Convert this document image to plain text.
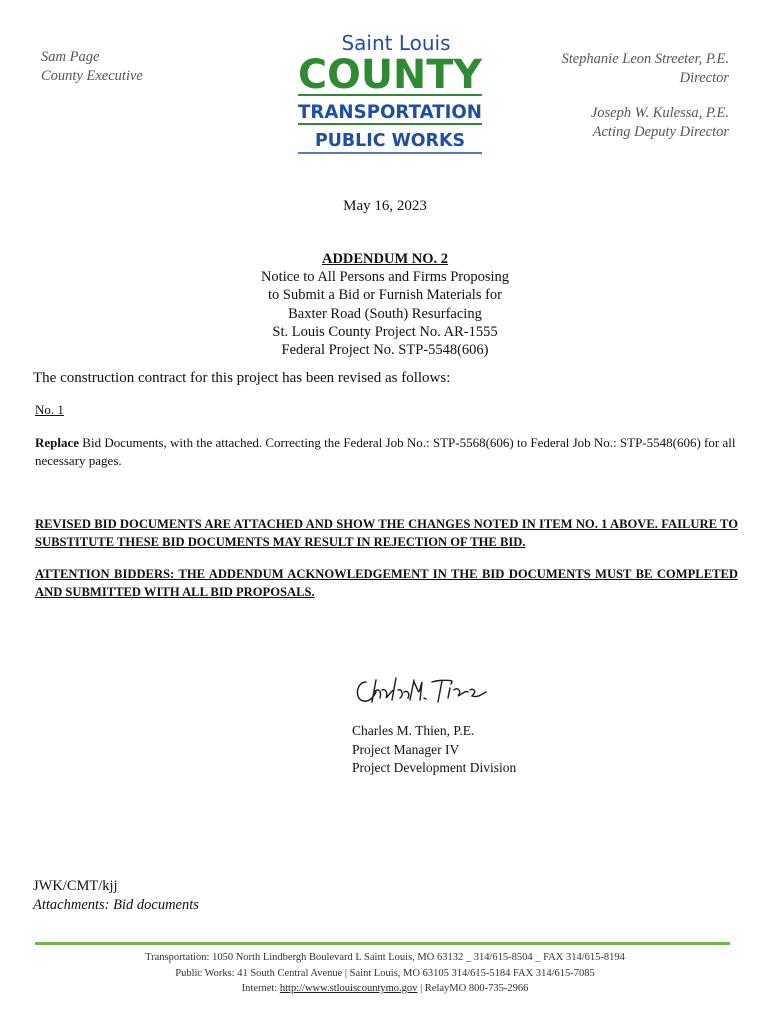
Sam Page
County Executive
Saint Louis
COUNTY
TRANSPORTATION
PUBLIC WORKS
Stephanie Leon Streeter, P.E.
Director
Joseph W. Kulessa, P.E.
Acting Deputy Director
May 16, 2023
ADDENDUM NO. 2
Notice to All Persons and Firms Proposing
to Submit a Bid or Furnish Materials for
Baxter Road (South) Resurfacing
St. Louis County Project No. AR-1555
Federal Project No. STP-5548(606)
The construction contract for this project has been revised as follows:
No. 1
Replace Bid Documents, with the attached. Correcting the Federal Job No.: STP-5568(606) to Federal Job No.: STP-5548(606) for all necessary pages.
REVISED BID DOCUMENTS ARE ATTACHED AND SHOW THE CHANGES NOTED IN ITEM NO. 1 ABOVE. FAILURE TO SUBSTITUTE THESE BID DOCUMENTS MAY RESULT IN REJECTION OF THE BID.
ATTENTION BIDDERS: THE ADDENDUM ACKNOWLEDGEMENT IN THE BID DOCUMENTS MUST BE COMPLETED AND SUBMITTED WITH ALL BID PROPOSALS.
Charles M. Thien, P.E.
Project Manager IV
Project Development Division
JWK/CMT/kjj
Attachments: Bid documents
Transportation: 1050 North Lindbergh Boulevard L Saint Louis, MO 63132 _ 314/615-8504 _ FAX 314/615-8194
Public Works: 41 South Central Avenue | Saint Louis, MO 63105 314/615-5184 FAX 314/615-7085
Internet: http://www.stlouiscountymo.gov | RelayMO 800-735-2966
